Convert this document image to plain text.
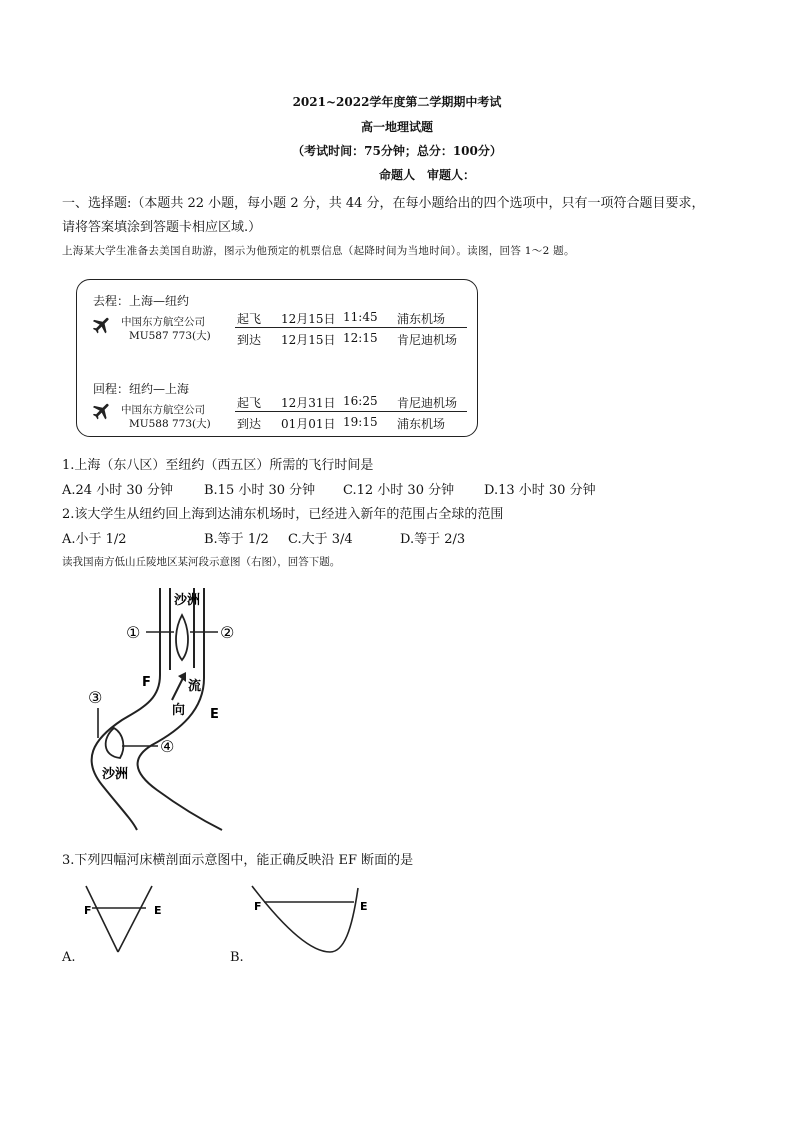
2021~2022学年度第二学期期中考试
高一地理试题
（考试时间：75分钟；总分：100分）
命题人　审题人：
一、选择题:（本题共 22 小题，每小题 2 分，共 44 分，在每小题给出的四个选项中，只有一项符合题目要求，
请将答案填涂到答题卡相应区域.）
上海某大学生准备去美国自助游，图示为他预定的机票信息（起降时间为当地时间）。读图，回答 1～2 题。
去程：上海—纽约
中国东方航空公司
MU587 773(大)
起飞 12月15日 11:45 浦东机场
到达 12月15日 12:15 肯尼迪机场
回程：纽约—上海
中国东方航空公司
MU588 773(大)
起飞 12月31日 16:25 肯尼迪机场
到达 01月01日 19:15 浦东机场
1.上海（东八区）至纽约（西五区）所需的飞行时间是
A.24 小时 30 分钟 B.15 小时 30 分钟 C.12 小时 30 分钟 D.13 小时 30 分钟
2.该大学生从纽约回上海到达浦东机场时，已经进入新年的范围占全球的范围
A.小于 1/2	B.等于 1/2 C.大于 3/4	D.等于 2/3
读我国南方低山丘陵地区某河段示意图（右图），回答下题。
沙洲
沙洲
流
向
①	②
③
④
F
E
3.下列四幅河床横剖面示意图中，能正确反映沿 EF 断面的是
F	E
A.
F	E
B.
